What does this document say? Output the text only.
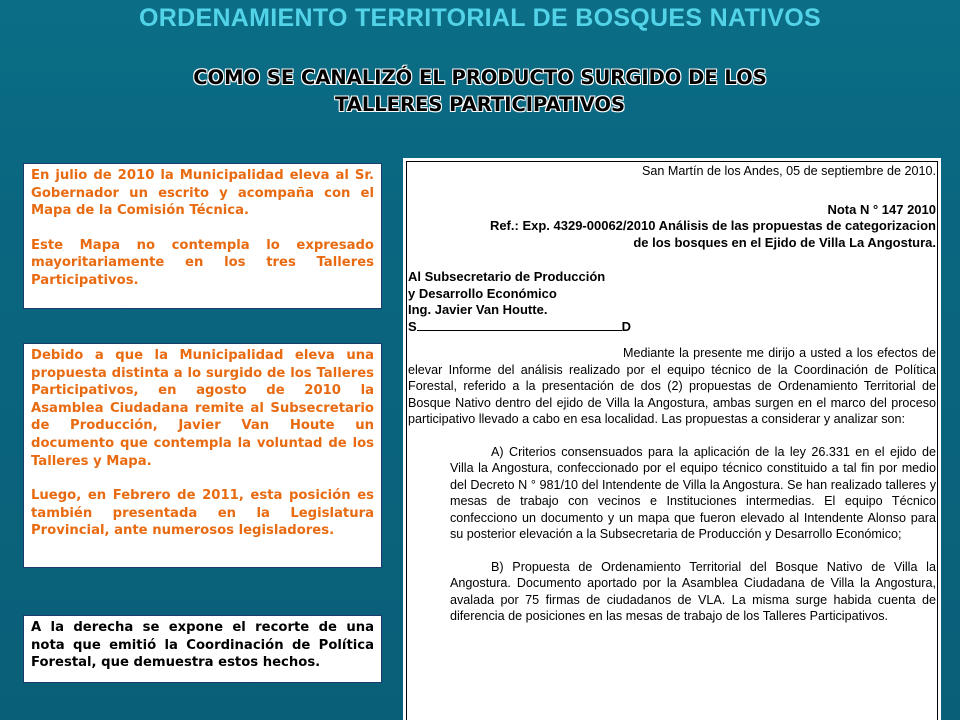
ORDENAMIENTO TERRITORIAL DE BOSQUES NATIVOS
COMO SE CANALIZÓ EL PRODUCTO SURGIDO DE LOS
TALLERES PARTICIPATIVOS

En julio de 2010 la Municipalidad eleva al Sr. Gobernador un escrito y acompaña con el Mapa de la Comisión Técnica.

Este Mapa no contempla lo expresado mayoritariamente en los tres Talleres Participativos.

Debido a que la Municipalidad eleva una propuesta distinta a lo surgido de los Talleres Participativos, en agosto de 2010 la Asamblea Ciudadana remite al Subsecretario de Producción, Javier Van Houte un documento que contempla la voluntad de los Talleres y Mapa.

Luego, en Febrero de 2011, esta posición es también presentada en la Legislatura Provincial, ante numerosos legisladores.

A la derecha se expone el recorte de una nota que emitió la Coordinación de Política Forestal, que demuestra estos hechos.

San Martín de los Andes, 05 de septiembre de 2010.
Nota N ° 147 2010
Ref.: Exp. 4329-00062/2010 Análisis de las propuestas de categorizacion
de los bosques en el Ejido de Villa La Angostura.
Al Subsecretario de Producción
y Desarrollo Económico
Ing. Javier Van Houtte.
S	D
Mediante la presente me dirijo a usted a los efectos de elevar Informe del análisis realizado por el equipo técnico de la Coordinación de Política Forestal, referido a la presentación de dos (2) propuestas de Ordenamiento Territorial de Bosque Nativo dentro del ejido de Villa la Angostura, ambas surgen en el marco del proceso participativo llevado a cabo en esa localidad. Las propuestas a considerar y analizar son:
A) Criterios consensuados para la aplicación de la ley 26.331 en el ejido de Villa la Angostura, confeccionado por el equipo técnico constituido a tal fin por medio del Decreto N ° 981/10 del Intendente de Villa la Angostura. Se han realizado talleres y mesas de trabajo con vecinos e Instituciones intermedias. El equipo Técnico confecciono un documento y un mapa que fueron elevado al Intendente Alonso para su posterior elevación a la Subsecretaria de Producción y Desarrollo Económico;
B) Propuesta de Ordenamiento Territorial del Bosque Nativo de Villa la Angostura. Documento aportado por la Asamblea Ciudadana de Villa la Angostura, avalada por 75 firmas de ciudadanos de VLA. La misma surge habida cuenta de diferencia de posiciones en las mesas de trabajo de los Talleres Participativos.
